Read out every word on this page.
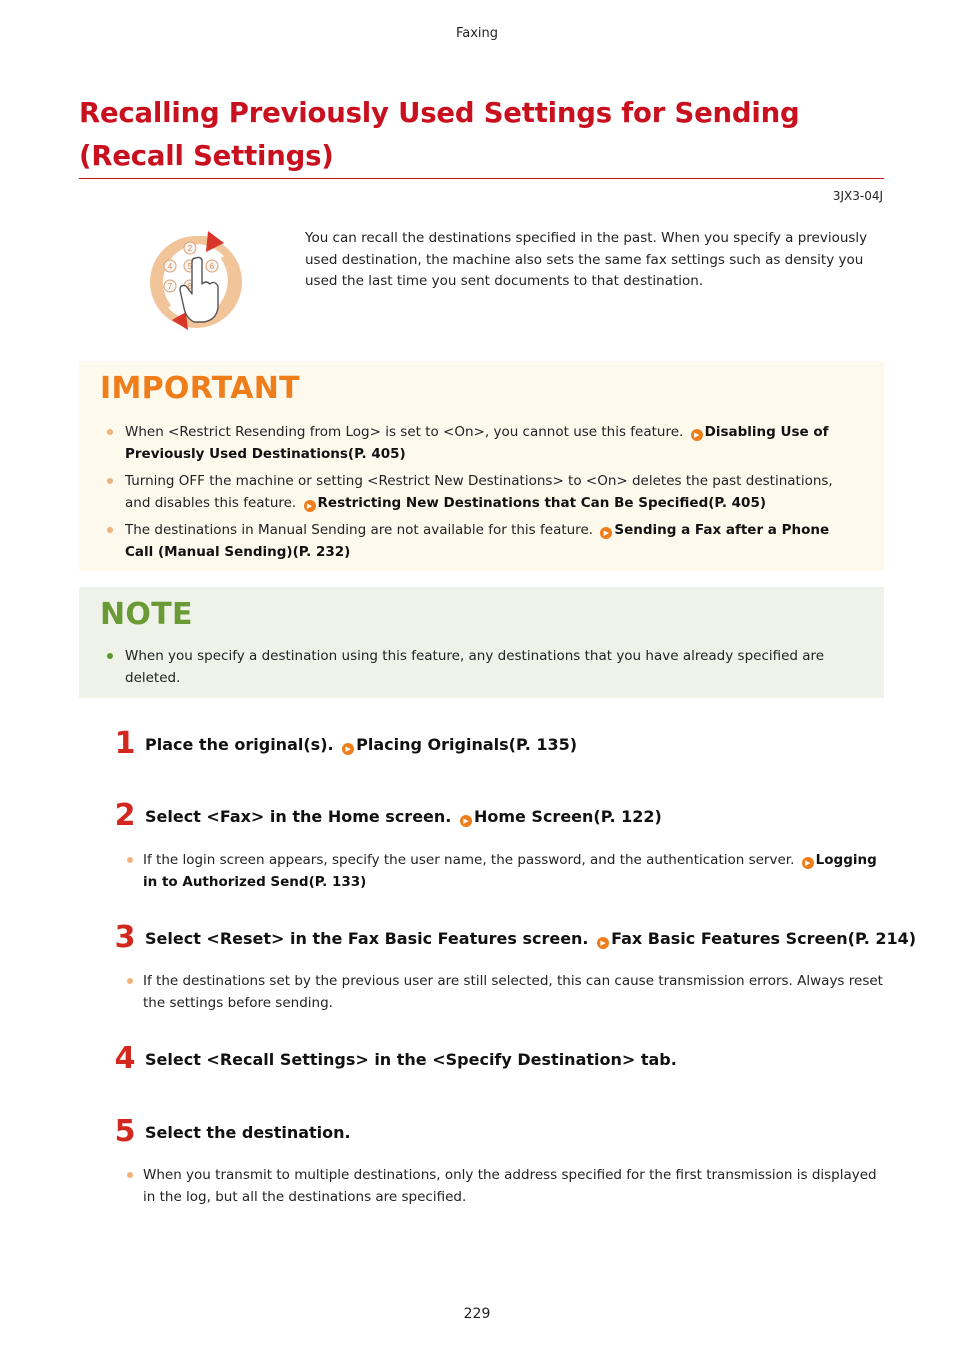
Faxing
Recalling Previously Used Settings for Sending (Recall Settings)
3JX3-04J
2
4 5 6
7 8

You can recall the destinations specified in the past. When you specify a previously used destination, the machine also sets the same fax settings such as density you used the last time you sent documents to that destination.

IMPORTANT
When <Restrict Resending from Log> is set to <On>, you cannot use this feature. ▶ Disabling Use of Previously Used Destinations(P. 405)
Turning OFF the machine or setting <Restrict New Destinations> to <On> deletes the past destinations, and disables this feature. ▶ Restricting New Destinations that Can Be Specified(P. 405)
The destinations in Manual Sending are not available for this feature. ▶ Sending a Fax after a Phone Call (Manual Sending)(P. 232)
NOTE
When you specify a destination using this feature, any destinations that you have already specified are deleted.
1 Place the original(s). ▶ Placing Originals(P. 135)
2 Select <Fax> in the Home screen. ▶ Home Screen(P. 122)
If the login screen appears, specify the user name, the password, and the authentication server. ▶ Logging in to Authorized Send(P. 133)
3 Select <Reset> in the Fax Basic Features screen. ▶ Fax Basic Features Screen(P. 214)
If the destinations set by the previous user are still selected, this can cause transmission errors. Always reset the settings before sending.
4 Select <Recall Settings> in the <Specify Destination> tab.
5 Select the destination.
When you transmit to multiple destinations, only the address specified for the first transmission is displayed in the log, but all the destinations are specified.
229
